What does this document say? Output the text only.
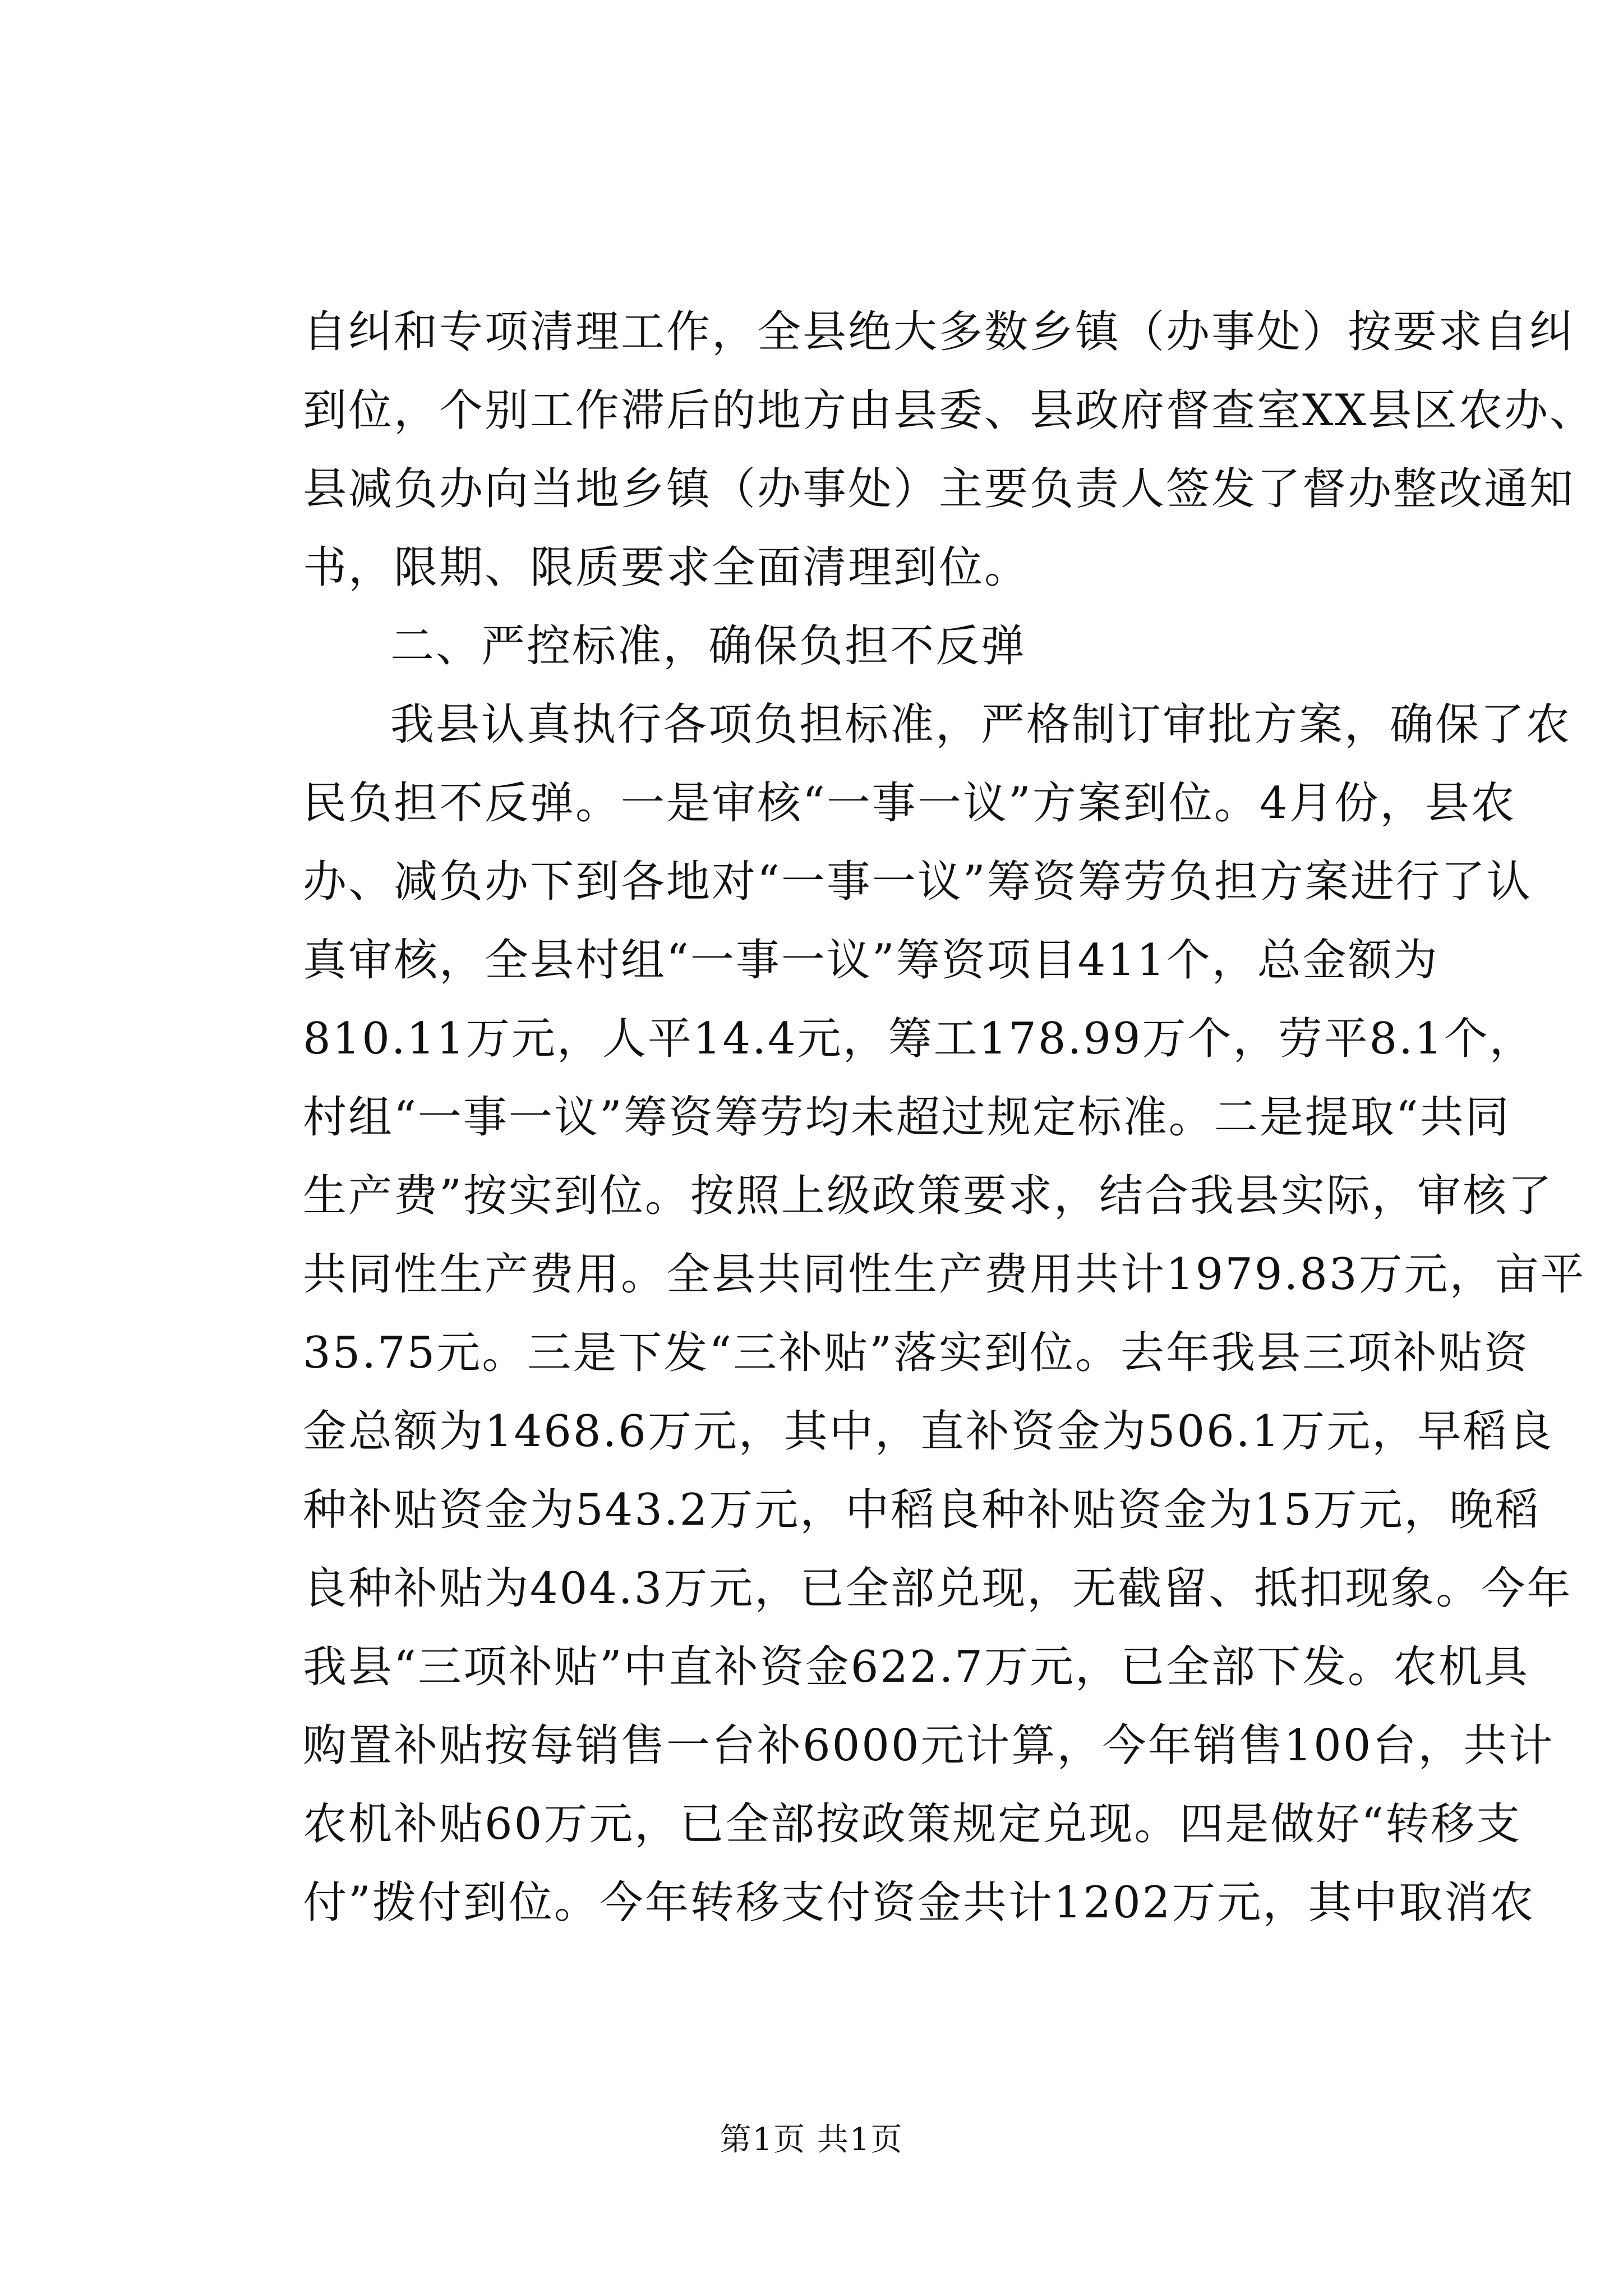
自纠和专项清理工作，全县绝大多数乡镇（办事处）按要求自纠
到位，个别工作滞后的地方由县委、县政府督查室XX县区农办、
县减负办向当地乡镇（办事处）主要负责人签发了督办整改通知
书，限期、限质要求全面清理到位。
二、严控标准，确保负担不反弹
我县认真执行各项负担标准，严格制订审批方案，确保了农
民负担不反弹。一是审核“一事一议”方案到位。4月份，县农
办、减负办下到各地对“一事一议”筹资筹劳负担方案进行了认
真审核，全县村组“一事一议”筹资项目411个，总金额为
810.11万元，人平14.4元，筹工178.99万个，劳平8.1个，
村组“一事一议”筹资筹劳均未超过规定标准。二是提取“共同
生产费”按实到位。按照上级政策要求，结合我县实际，审核了
共同性生产费用。全县共同性生产费用共计1979.83万元，亩平
35.75元。三是下发“三补贴”落实到位。去年我县三项补贴资
金总额为1468.6万元，其中，直补资金为506.1万元，早稻良
种补贴资金为543.2万元，中稻良种补贴资金为15万元，晚稻
良种补贴为404.3万元，已全部兑现，无截留、抵扣现象。今年
我县“三项补贴”中直补资金622.7万元，已全部下发。农机具
购置补贴按每销售一台补6000元计算，今年销售100台，共计
农机补贴60万元，已全部按政策规定兑现。四是做好“转移支
付”拨付到位。今年转移支付资金共计1202万元，其中取消农
第1页 共1页
